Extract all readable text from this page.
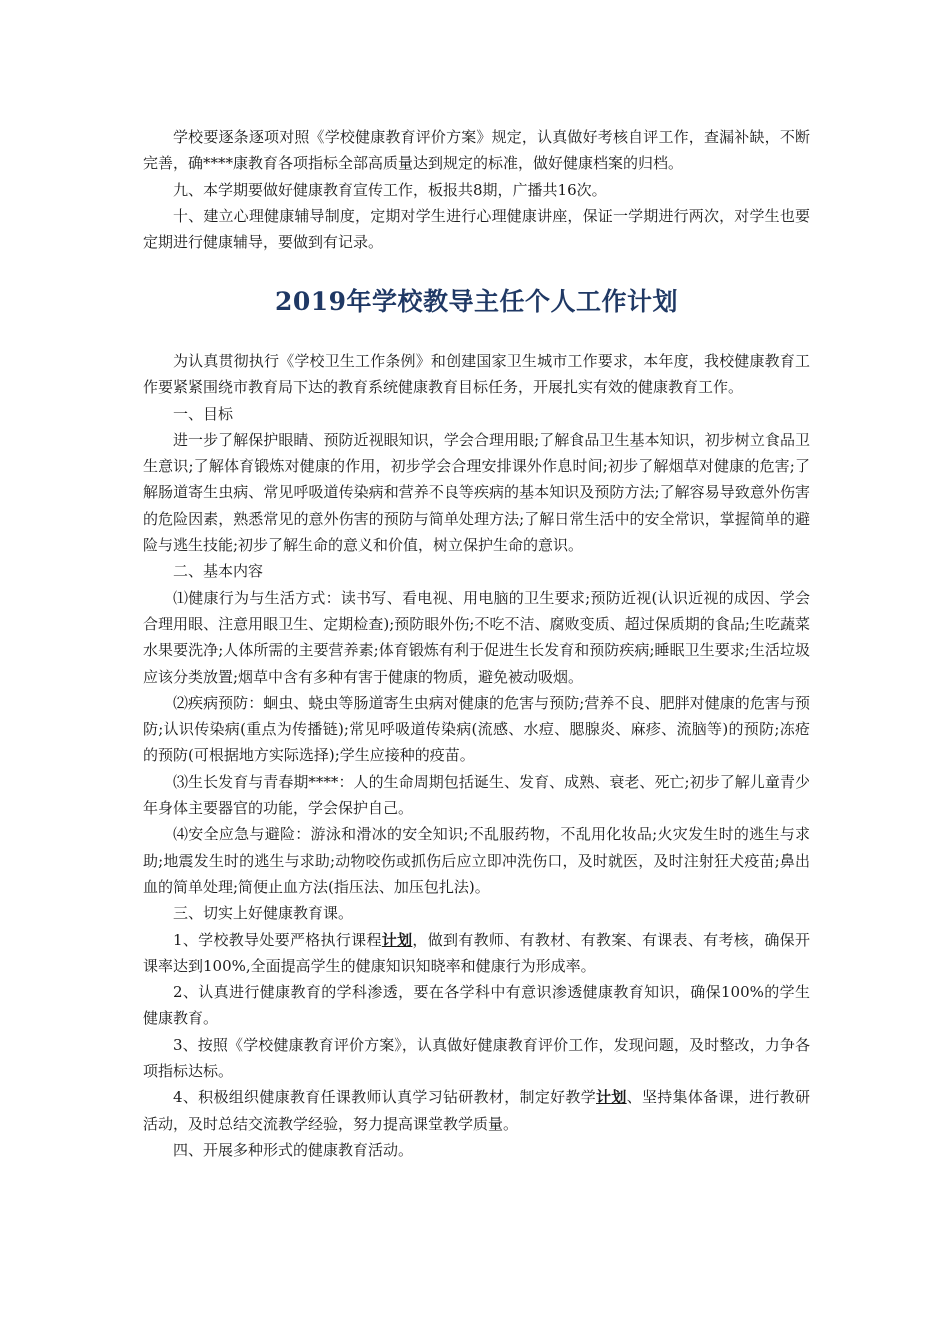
学校要逐条逐项对照《学校健康教育评价方案》规定，认真做好考核自评工作，查漏补缺，不断完善，确****康教育各项指标全部高质量达到规定的标准，做好健康档案的归档。

九、本学期要做好健康教育宣传工作，板报共8期，广播共16次。

十、建立心理健康辅导制度，定期对学生进行心理健康讲座，保证一学期进行两次，对学生也要定期进行健康辅导，要做到有记录。

2019年学校教导主任个人工作计划

为认真贯彻执行《学校卫生工作条例》和创建国家卫生城市工作要求，本年度，我校健康教育工作要紧紧围绕市教育局下达的教育系统健康教育目标任务，开展扎实有效的健康教育工作。

一、目标

进一步了解保护眼睛、预防近视眼知识，学会合理用眼;了解食品卫生基本知识，初步树立食品卫生意识;了解体育锻炼对健康的作用，初步学会合理安排课外作息时间;初步了解烟草对健康的危害;了解肠道寄生虫病、常见呼吸道传染病和营养不良等疾病的基本知识及预防方法;了解容易导致意外伤害的危险因素，熟悉常见的意外伤害的预防与简单处理方法;了解日常生活中的安全常识，掌握简单的避险与逃生技能;初步了解生命的意义和价值，树立保护生命的意识。

二、基本内容

⑴健康行为与生活方式：读书写、看电视、用电脑的卫生要求;预防近视(认识近视的成因、学会合理用眼、注意用眼卫生、定期检查);预防眼外伤;不吃不洁、腐败变质、超过保质期的食品;生吃蔬菜水果要洗净;人体所需的主要营养素;体育锻炼有利于促进生长发育和预防疾病;睡眠卫生要求;生活垃圾应该分类放置;烟草中含有多种有害于健康的物质，避免被动吸烟。

⑵疾病预防：蛔虫、蛲虫等肠道寄生虫病对健康的危害与预防;营养不良、肥胖对健康的危害与预防;认识传染病(重点为传播链);常见呼吸道传染病(流感、水痘、腮腺炎、麻疹、流脑等)的预防;冻疮的预防(可根据地方实际选择);学生应接种的疫苗。

⑶生长发育与青春期****：人的生命周期包括诞生、发育、成熟、衰老、死亡;初步了解儿童青少年身体主要器官的功能，学会保护自己。

⑷安全应急与避险：游泳和滑冰的安全知识;不乱服药物，不乱用化妆品;火灾发生时的逃生与求助;地震发生时的逃生与求助;动物咬伤或抓伤后应立即冲洗伤口，及时就医，及时注射狂犬疫苗;鼻出血的简单处理;简便止血方法(指压法、加压包扎法)。

三、切实上好健康教育课。

1、学校教导处要严格执行课程计划，做到有教师、有教材、有教案、有课表、有考核，确保开课率达到100%,全面提高学生的健康知识知晓率和健康行为形成率。

2、认真进行健康教育的学科渗透，要在各学科中有意识渗透健康教育知识，确保100%的学生健康教育。

3、按照《学校健康教育评价方案》，认真做好健康教育评价工作，发现问题，及时整改，力争各项指标达标。

4、积极组织健康教育任课教师认真学习钻研教材，制定好教学计划、坚持集体备课，进行教研活动，及时总结交流教学经验，努力提高课堂教学质量。

四、开展多种形式的健康教育活动。
